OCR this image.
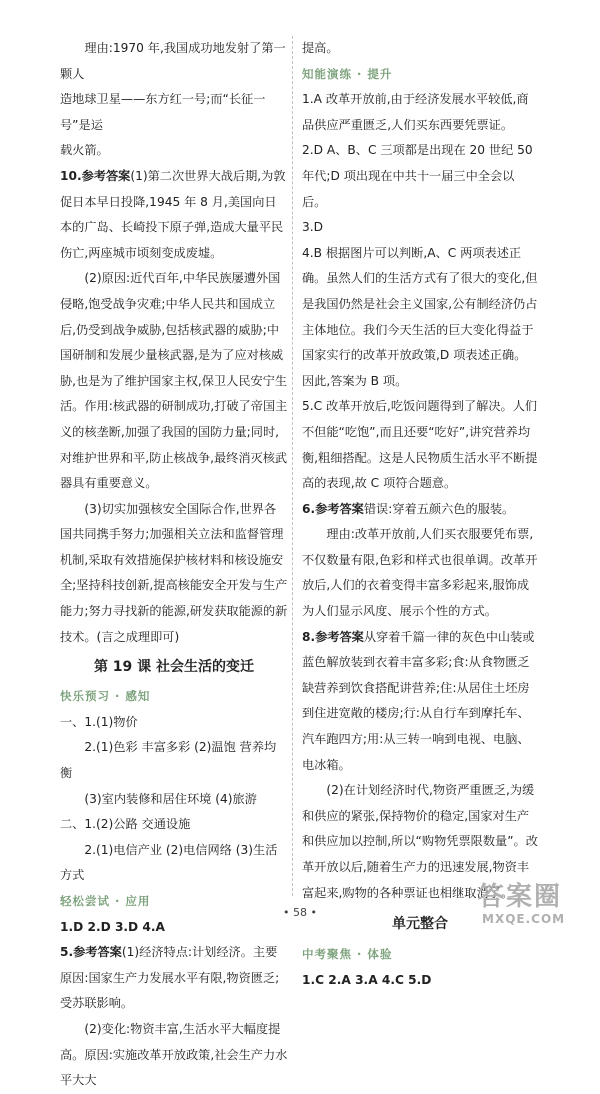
理由:1970 年,我国成功地发射了第一颗人

造地球卫星——东方红一号;而“长征一号”是运

载火箭。

10.参考答案(1)第二次世界大战后期,为敦促日本早日投降,1945 年 8 月,美国向日本的广岛、长崎投下原子弹,造成大量平民伤亡,两座城市顷刻变成废墟。

(2)原因:近代百年,中华民族屡遭外国侵略,饱受战争灾难;中华人民共和国成立后,仍受到战争威胁,包括核武器的威胁;中国研制和发展少量核武器,是为了应对核威胁,也是为了维护国家主权,保卫人民安宁生活。作用:核武器的研制成功,打破了帝国主义的核垄断,加强了我国的国防力量;同时,对维护世界和平,防止核战争,最终消灭核武器具有重要意义。

(3)切实加强核安全国际合作,世界各国共同携手努力;加强相关立法和监督管理机制,采取有效措施保护核材料和核设施安全;坚持科技创新,提高核能安全开发与生产能力;努力寻找新的能源,研发获取能源的新技术。(言之成理即可)

第 19 课 社会生活的变迁

快乐预习 · 感知

一、1.(1)物价

2.(1)色彩 丰富多彩 (2)温饱 营养均衡

(3)室内装修和居住环境 (4)旅游

二、1.(2)公路 交通设施

2.(1)电信产业 (2)电信网络 (3)生活方式

轻松尝试 · 应用

1.D 2.D 3.D 4.A

5.参考答案(1)经济特点:计划经济。主要原因:国家生产力发展水平有限,物资匮乏;受苏联影响。

(2)变化:物资丰富,生活水平大幅度提高。原因:实施改革开放政策,社会生产力水平大大

提高。

知能演练 · 提升

1.A 改革开放前,由于经济发展水平较低,商品供应严重匮乏,人们买东西要凭票证。

2.D A、B、C 三项都是出现在 20 世纪 50 年代;D 项出现在中共十一届三中全会以后。

3.D

4.B 根据图片可以判断,A、C 两项表述正确。虽然人们的生活方式有了很大的变化,但是我国仍然是社会主义国家,公有制经济仍占主体地位。我们今天生活的巨大变化得益于国家实行的改革开放政策,D 项表述正确。因此,答案为 B 项。

5.C 改革开放后,吃饭问题得到了解决。人们不但能“吃饱”,而且还要“吃好”,讲究营养均衡,粗细搭配。这是人民物质生活水平不断提高的表现,故 C 项符合题意。

6.参考答案错误:穿着五颜六色的服装。

理由:改革开放前,人们买衣服要凭布票,不仅数量有限,色彩和样式也很单调。改革开放后,人们的衣着变得丰富多彩起来,服饰成为人们显示风度、展示个性的方式。

8.参考答案从穿着千篇一律的灰色中山装或蓝色解放装到衣着丰富多彩;食:从食物匮乏缺营养到饮食搭配讲营养;住:从居住土坯房到住进宽敞的楼房;行:从自行车到摩托车、汽车跑四方;用:从三转一响到电视、电脑、电冰箱。

(2)在计划经济时代,物资严重匮乏,为缓和供应的紧张,保持物价的稳定,国家对生产和供应加以控制,所以“购物凭票限数量”。改革开放以后,随着生产力的迅速发展,物资丰富起来,购物的各种票证也相继取消了。

单元整合

中考聚焦 · 体验

1.C 2.A 3.A 4.C 5.D

• 58 •
答案圈
MXQE.COM
